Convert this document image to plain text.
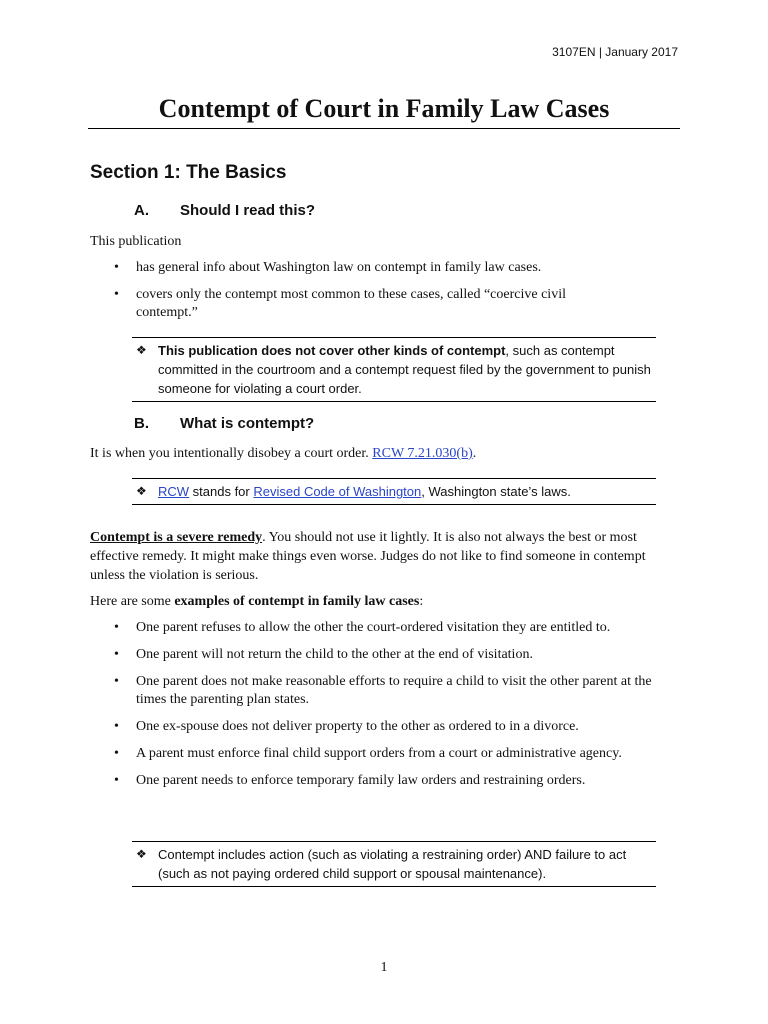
3107EN | January 2017
Contempt of Court in Family Law Cases
Section 1: The Basics
A. Should I read this?
This publication
• has general info about Washington law on contempt in family law cases.
• covers only the contempt most common to these cases, called “coercive civil contempt.”
❖ This publication does not cover other kinds of contempt, such as contempt committed in the courtroom and a contempt request filed by the government to punish someone for violating a court order.
B. What is contempt?
It is when you intentionally disobey a court order. RCW 7.21.030(b).
❖ RCW stands for Revised Code of Washington, Washington state’s laws.
Contempt is a severe remedy. You should not use it lightly. It is also not always the best or most effective remedy. It might make things even worse. Judges do not like to find someone in contempt unless the violation is serious.
Here are some examples of contempt in family law cases:
• One parent refuses to allow the other the court-ordered visitation they are entitled to.
• One parent will not return the child to the other at the end of visitation.
• One parent does not make reasonable efforts to require a child to visit the other parent at the times the parenting plan states.
• One ex-spouse does not deliver property to the other as ordered to in a divorce.
• A parent must enforce final child support orders from a court or administrative agency.
• One parent needs to enforce temporary family law orders and restraining orders.
❖ Contempt includes action (such as violating a restraining order) AND failure to act (such as not paying ordered child support or spousal maintenance).
1
